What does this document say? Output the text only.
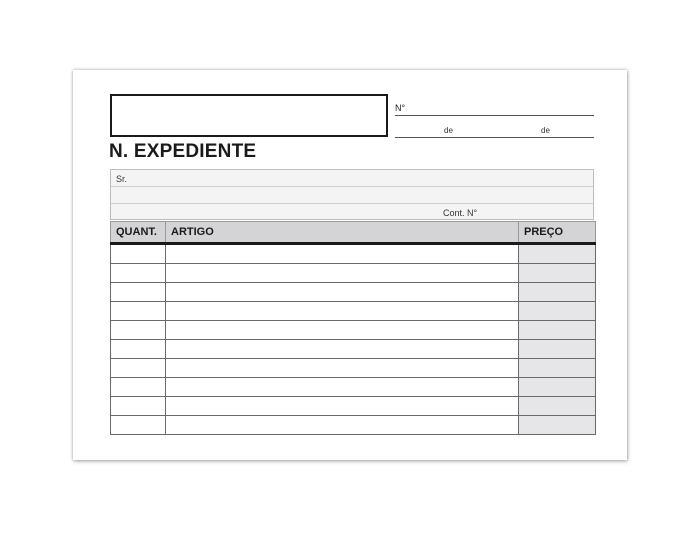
N°
de	de
N. EXPEDIENTE
Sr.
Cont. N°
QUANT.	ARTIGO	PREÇO
